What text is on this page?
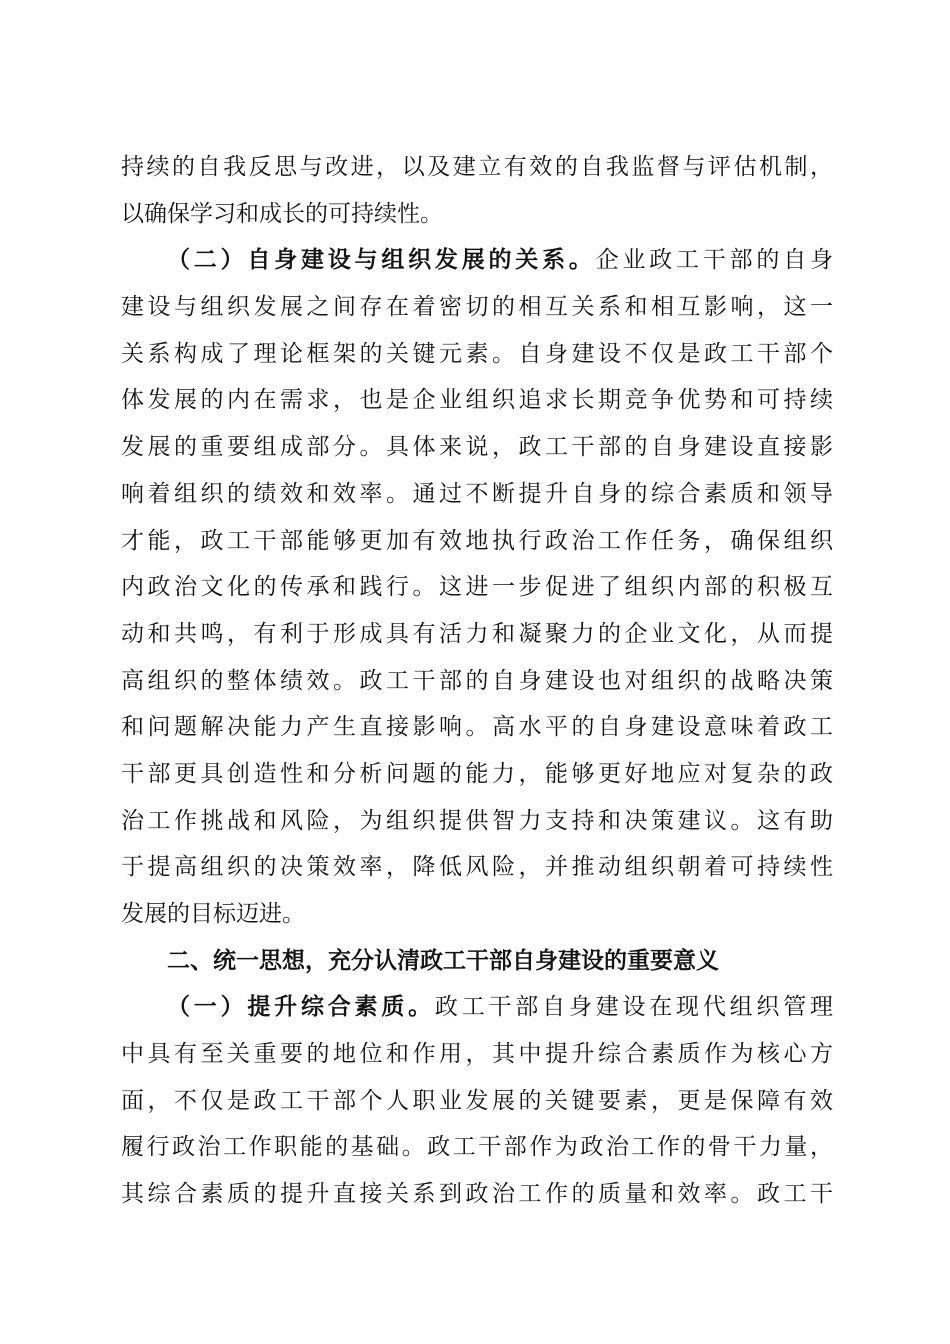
持续的自我反思与改进，以及建立有效的自我监督与评估机制，
以确保学习和成长的可持续性。
（二）自身建设与组织发展的关系。企业政工干部的自身
建设与组织发展之间存在着密切的相互关系和相互影响，这一
关系构成了理论框架的关键元素。自身建设不仅是政工干部个
体发展的内在需求，也是企业组织追求长期竞争优势和可持续
发展的重要组成部分。具体来说，政工干部的自身建设直接影
响着组织的绩效和效率。通过不断提升自身的综合素质和领导
才能，政工干部能够更加有效地执行政治工作任务，确保组织
内政治文化的传承和践行。这进一步促进了组织内部的积极互
动和共鸣，有利于形成具有活力和凝聚力的企业文化，从而提
高组织的整体绩效。政工干部的自身建设也对组织的战略决策
和问题解决能力产生直接影响。高水平的自身建设意味着政工
干部更具创造性和分析问题的能力，能够更好地应对复杂的政
治工作挑战和风险，为组织提供智力支持和决策建议。这有助
于提高组织的决策效率，降低风险，并推动组织朝着可持续性
发展的目标迈进。
二、统一思想，充分认清政工干部自身建设的重要意义
（一）提升综合素质。政工干部自身建设在现代组织管理
中具有至关重要的地位和作用，其中提升综合素质作为核心方
面，不仅是政工干部个人职业发展的关键要素，更是保障有效
履行政治工作职能的基础。政工干部作为政治工作的骨干力量，
其综合素质的提升直接关系到政治工作的质量和效率。政工干
